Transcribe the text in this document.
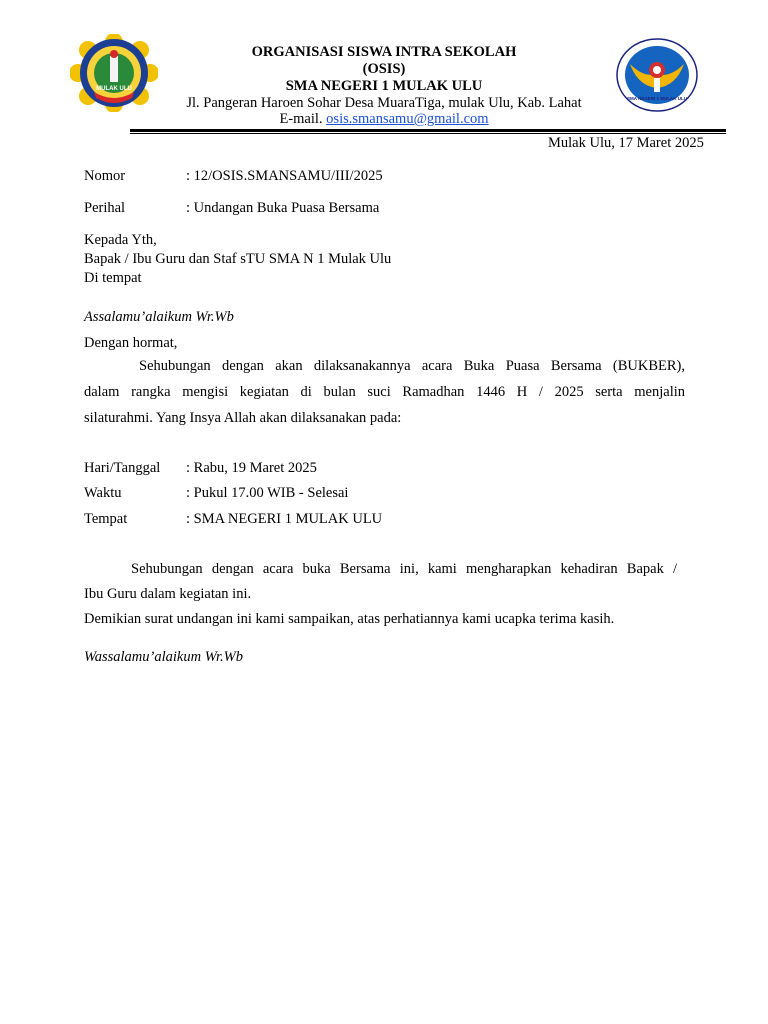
MULAK ULU
SMA NEGERI 1 MULAK ULU
ORGANISASI SISWA INTRA SEKOLAH
(OSIS)
SMA NEGERI 1 MULAK ULU
Jl. Pangeran Haroen Sohar Desa MuaraTiga, mulak Ulu, Kab. Lahat
E-mail. osis.smansamu@gmail.com
Mulak Ulu, 17 Maret 2025
Nomor	: 12/OSIS.SMANSAMU/III/2025
Perihal	: Undangan Buka Puasa Bersama
Kepada Yth,
Bapak / Ibu Guru dan Staf sTU SMA N 1 Mulak Ulu
Di tempat
Assalamu’alaikum Wr.Wb
Dengan hormat,
Sehubungan dengan akan dilaksanakannya acara Buka Puasa Bersama (BUKBER),
dalam rangka mengisi kegiatan di bulan suci Ramadhan 1446 H / 2025 serta menjalin
silaturahmi. Yang Insya Allah akan dilaksanakan pada:
Hari/Tanggal : Rabu, 19 Maret 2025
Waktu	: Pukul 17.00 WIB - Selesai
Tempat	: SMA NEGERI 1 MULAK ULU
Sehubungan dengan acara buka Bersama ini, kami mengharapkan kehadiran Bapak /
Ibu Guru dalam kegiatan ini.
Demikian surat undangan ini kami sampaikan, atas perhatiannya kami ucapka terima kasih.
Wassalamu’alaikum Wr.Wb
